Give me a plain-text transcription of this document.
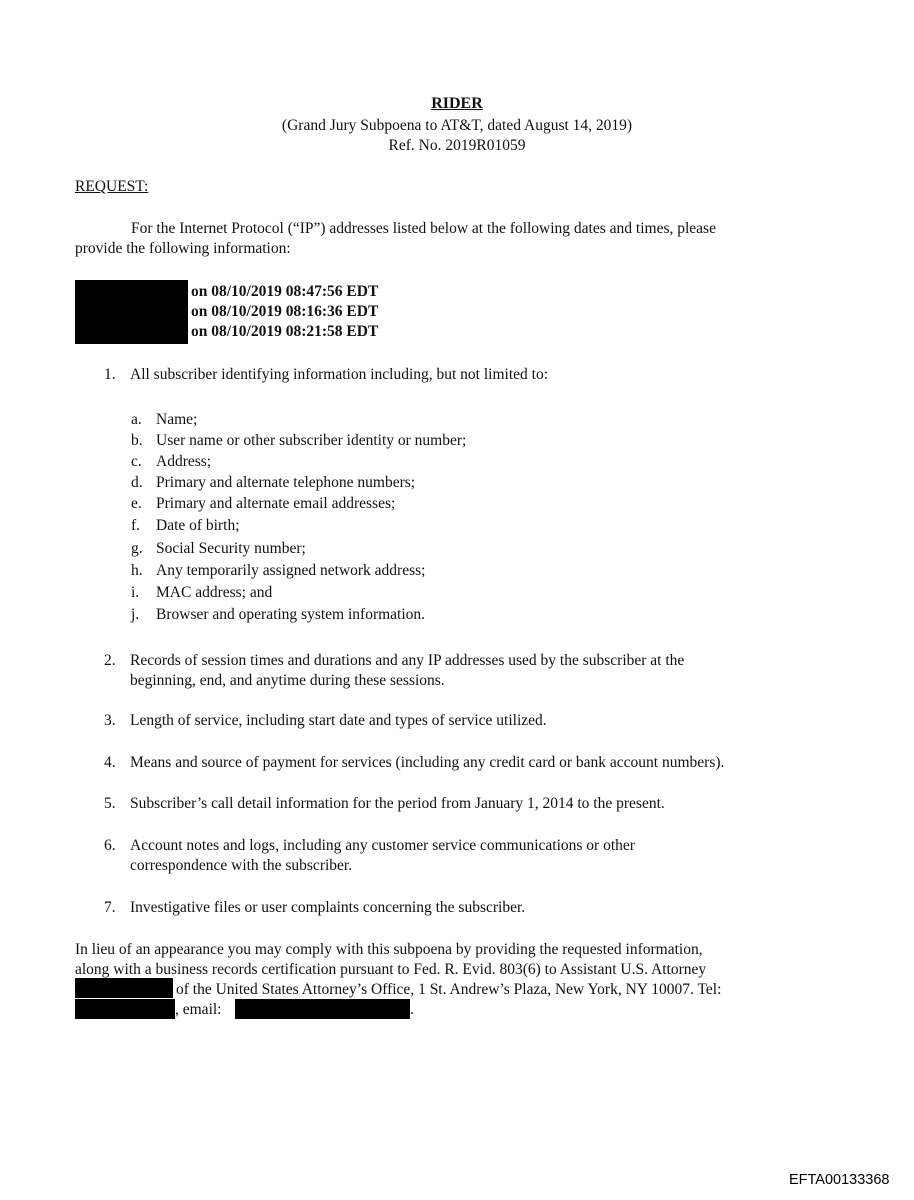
RIDER
(Grand Jury Subpoena to AT&T, dated August 14, 2019)
Ref. No. 2019R01059
REQUEST:
For the Internet Protocol (“IP”) addresses listed below at the following dates and times, please
provide the following information:
on 08/10/2019 08:47:56 EDT
on 08/10/2019 08:16:36 EDT
on 08/10/2019 08:21:58 EDT
1. All subscriber identifying information including, but not limited to:
a. Name;
b. User name or other subscriber identity or number;
c. Address;
d. Primary and alternate telephone numbers;
e. Primary and alternate email addresses;
f. Date of birth;
g. Social Security number;
h. Any temporarily assigned network address;
i. MAC address; and
j. Browser and operating system information.
2. Records of session times and durations and any IP addresses used by the subscriber at the
beginning, end, and anytime during these sessions.
3. Length of service, including start date and types of service utilized.
4. Means and source of payment for services (including any credit card or bank account numbers).
5. Subscriber’s call detail information for the period from January 1, 2014 to the present.
6. Account notes and logs, including any customer service communications or other
correspondence with the subscriber.
7. Investigative files or user complaints concerning the subscriber.
In lieu of an appearance you may comply with this subpoena by providing the requested information,
along with a business records certification pursuant to Fed. R. Evid. 803(6) to Assistant U.S. Attorney
of the United States Attorney’s Office, 1 St. Andrew’s Plaza, New York, NY 10007. Tel:
, email:	.
EFTA00133368
